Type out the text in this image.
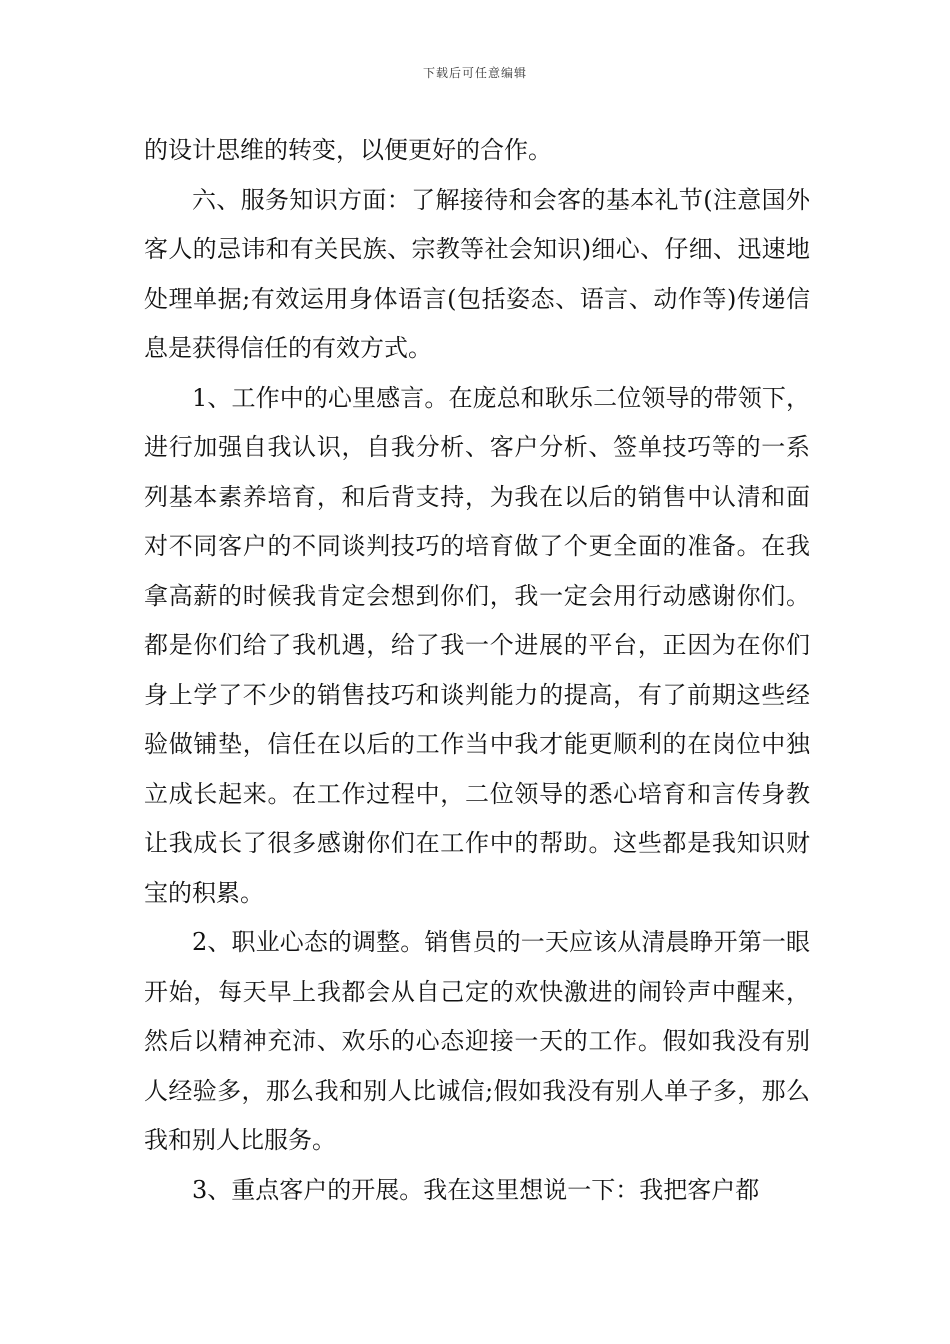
下载后可任意编辑

的设计思维的转变，以便更好的合作。

六、服务知识方面：了解接待和会客的基本礼节(注意国外客人的忌讳和有关民族、宗教等社会知识)细心、仔细、迅速地处理单据;有效运用身体语言(包括姿态、语言、动作等)传递信息是获得信任的有效方式。

1、工作中的心里感言。在庞总和耿乐二位领导的带领下，进行加强自我认识，自我分析、客户分析、签单技巧等的一系列基本素养培育，和后背支持，为我在以后的销售中认清和面对不同客户的不同谈判技巧的培育做了个更全面的准备。在我拿高薪的时候我肯定会想到你们，我一定会用行动感谢你们。都是你们给了我机遇，给了我一个进展的平台，正因为在你们身上学了不少的销售技巧和谈判能力的提高，有了前期这些经验做铺垫，信任在以后的工作当中我才能更顺利的在岗位中独立成长起来。在工作过程中，二位领导的悉心培育和言传身教让我成长了很多感谢你们在工作中的帮助。这些都是我知识财宝的积累。

2、职业心态的调整。销售员的一天应该从清晨睁开第一眼开始，每天早上我都会从自己定的欢快激进的闹铃声中醒来，然后以精神充沛、欢乐的心态迎接一天的工作。假如我没有别人经验多，那么我和别人比诚信;假如我没有别人单子多，那么我和别人比服务。

3、重点客户的开展。我在这里想说一下：我把客户都
